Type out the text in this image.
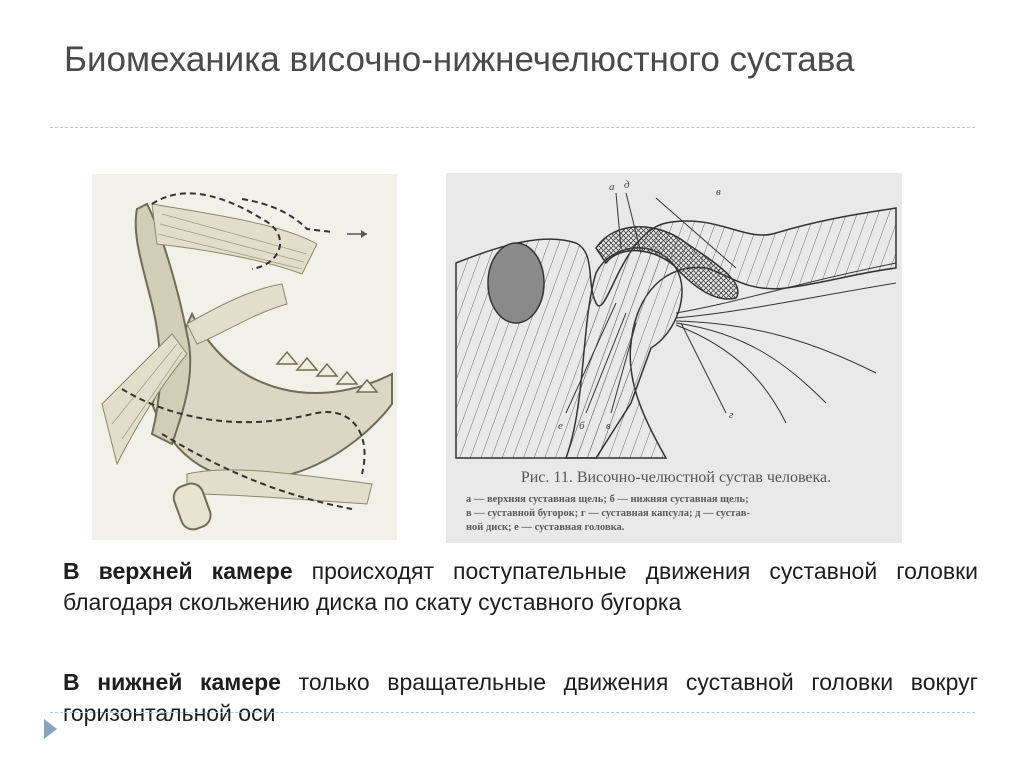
Биомеханика височно-нижнечелюстного сустава
а д
в
е б в
г
Рис. 11. Височно-челюстной сустав человека.
а — верхняя суставная щель; б — нижняя суставная щель;
в — суставной бугорок; г — суставная капсула; д — сустав-
ной диск; е — суставная головка.
В верхней камере происходят поступательные движения суставной головки благодаря скольжению диска по скату суставного бугорка
В нижней камере только вращательные движения суставной головки вокруг горизонтальной оси
